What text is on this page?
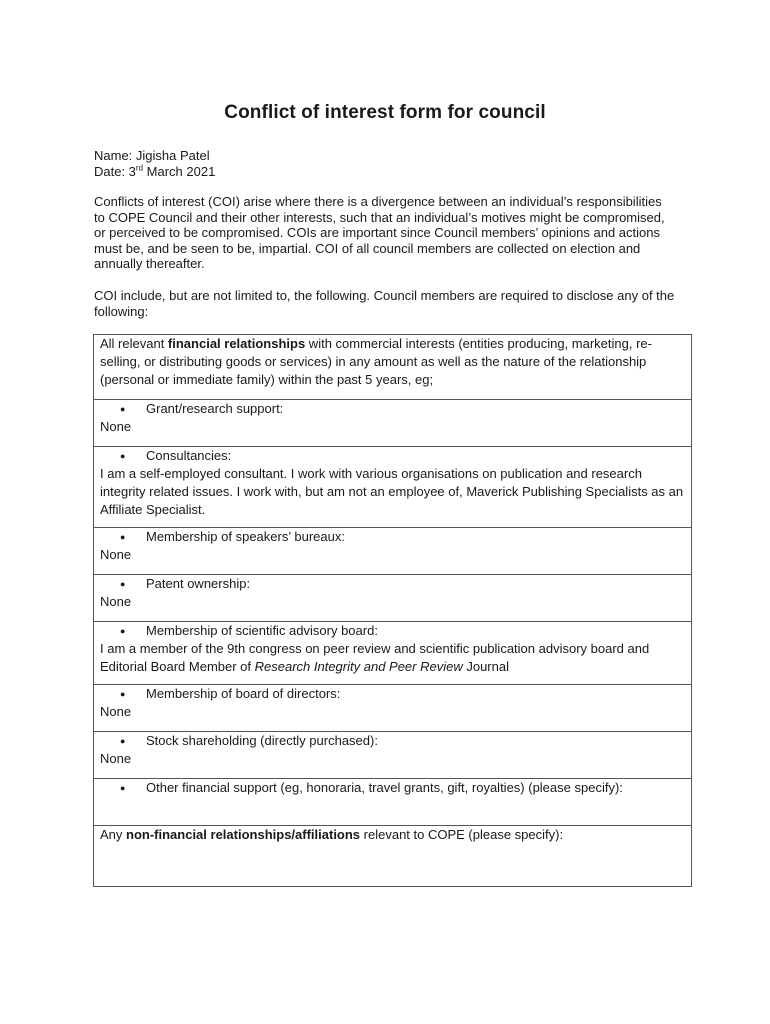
Conflict of interest form for council
Name: Jigisha Patel
Date: 3rd March 2021
Conflicts of interest (COI) arise where there is a divergence between an individual’s responsibilities to COPE Council and their other interests, such that an individual’s motives might be compromised, or perceived to be compromised. COIs are important since Council members’ opinions and actions must be, and be seen to be, impartial. COI of all council members are collected on election and annually thereafter.
COI include, but are not limited to, the following. Council members are required to disclose any of the following:
All relevant financial relationships with commercial interests (entities producing, marketing, re-selling, or distributing goods or services) in any amount as well as the nature of the relationship (personal or immediate family) within the past 5 years, eg;

● Grant/research support:
None

● Consultancies:
I am a self-employed consultant. I work with various organisations on publication and research integrity related issues. I work with, but am not an employee of, Maverick Publishing Specialists as an Affiliate Specialist.

● Membership of speakers’ bureaux:
None

● Patent ownership:
None

● Membership of scientific advisory board:
I am a member of the 9th congress on peer review and scientific publication advisory board and Editorial Board Member of Research Integrity and Peer Review Journal

● Membership of board of directors:
None

● Stock shareholding (directly purchased):
None

● Other financial support (eg, honoraria, travel grants, gift, royalties) (please specify):

Any non-financial relationships/affiliations relevant to COPE (please specify):
